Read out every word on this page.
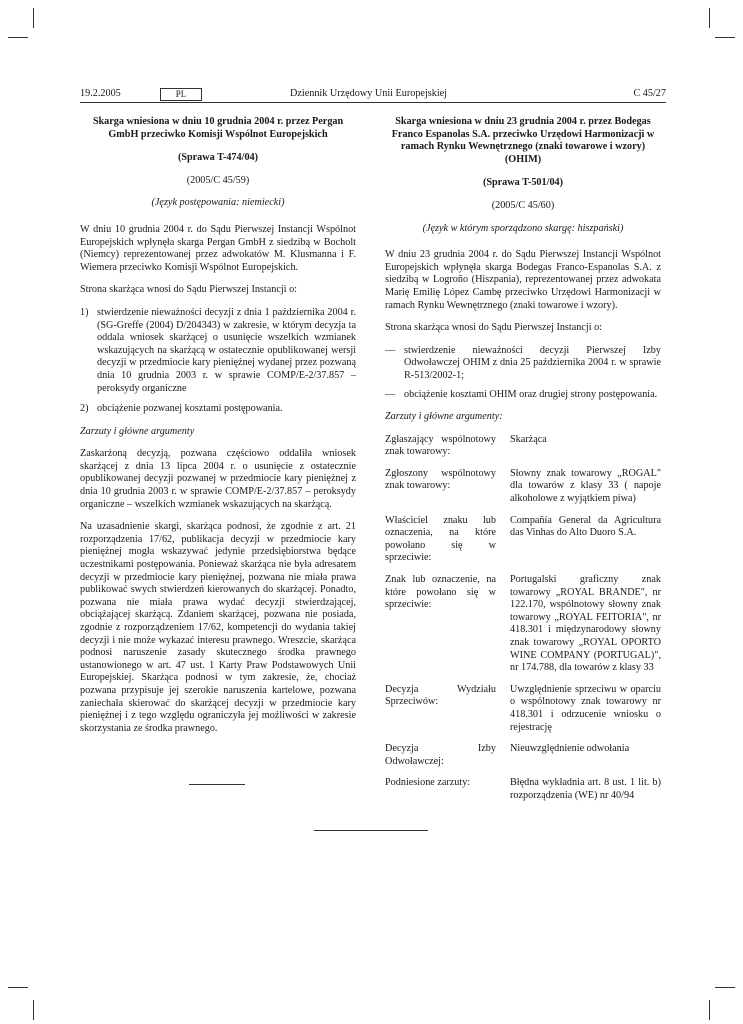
19.2.2005	PL	Dziennik Urzędowy Unii Europejskiej	C 45/27
Skarga wniesiona w dniu 10 grudnia 2004 r. przez Pergan GmbH przeciwko Komisji Wspólnot Europejskich
(Sprawa T-474/04)
(2005/C 45/59)
(Język postępowania: niemiecki)

W dniu 10 grudnia 2004 r. do Sądu Pierwszej Instancji Wspólnot Europejskich wpłynęła skarga Pergan GmbH z siedzibą w Bocholt (Niemcy) reprezentowanej przez adwokatów M. Klusmanna i F. Wiemera przeciwko Komisji Wspólnot Europejskich.

Strona skarżąca wnosi do Sądu Pierwszej Instancji o:

1) stwierdzenie nieważności decyzji z dnia 1 października 2004 r. (SG-Greffe (2004) D/204343) w zakresie, w którym decyzja ta oddala wniosek skarżącej o usunięcie wszelkich wzmianek wskazujących na skarżącą w ostatecznie opublikowanej wersji decyzji w przedmiocie kary pieniężnej wydanej przez pozwaną dnia 10 grudnia 2003 r. w sprawie COMP/E-2/37.857 – peroksydy organiczne
2) obciążenie pozwanej kosztami postępowania.
Zarzuty i główne argumenty

Zaskarżoną decyzją, pozwana częściowo oddaliła wniosek skarżącej z dnia 13 lipca 2004 r. o usunięcie z ostatecznie opublikowanej decyzji pozwanej w przedmiocie kary pieniężnej z dnia 10 grudnia 2003 r. w sprawie COMP/E-2/37.857 – peroksydy organiczne – wszelkich wzmianek wskazujących na skarżącą.

Na uzasadnienie skargi, skarżąca podnosi, że zgodnie z art. 21 rozporządzenia 17/62, publikacja decyzji w przedmiocie kary pieniężnej mogła wskazywać jedynie przedsiębiorstwa będące uczestnikami postępowania. Ponieważ skarżąca nie była adresatem decyzji w przedmiocie kary pieniężnej, pozwana nie miała prawa publikować swych stwierdzeń kierowanych do skarżącej. Ponadto, pozwana nie miała prawa wydać decyzji stwierdzającej, obciążającej skarżącą. Zdaniem skarżącej, pozwana nie posiada, zgodnie z rozporządzeniem 17/62, kompetencji do wydania takiej decyzji i nie może wykazać interesu prawnego. Wreszcie, skarżąca podnosi naruszenie zasady skutecznego środka prawnego ustanowionego w art. 47 ust. 1 Karty Praw Podstawowych Unii Europejskiej. Skarżąca podnosi w tym zakresie, że, chociaż pozwana przypisuje jej szerokie naruszenia kartelowe, pozwana zaniechała skierować do skarżącej decyzji w przedmiocie kary pieniężnej i z tego względu ograniczyła jej możliwości w zakresie skorzystania ze środka prawnego.

Skarga wniesiona w dniu 23 grudnia 2004 r. przez Bodegas Franco Espanolas S.A. przeciwko Urzędowi Harmonizacji w ramach Rynku Wewnętrznego (znaki towarowe i wzory) (OHIM)
(Sprawa T-501/04)
(2005/C 45/60)
(Język w którym sporządzono skargę: hiszpański)

W dniu 23 grudnia 2004 r. do Sądu Pierwszej Instancji Wspólnot Europejskich wpłynęła skarga Bodegas Franco-Espanolas S.A. z siedzibą w Logroño (Hiszpania), reprezentowanej przez adwokata Marię Emilię López Cambę przeciwko Urzędowi Harmonizacji w ramach Rynku Wewnętrznego (znaki towarowe i wzory).

Strona skarżąca wnosi do Sądu Pierwszej Instancji o:

— stwierdzenie nieważności decyzji Pierwszej Izby Odwoławczej OHIM z dnia 25 października 2004 r. w sprawie R-513/2002-1;
— obciążenie kosztami OHIM oraz drugiej strony postępowania.
Zarzuty i główne argumenty:
Zgłaszający wspólnotowy znak towarowy:	Skarżąca
Zgłoszony wspólnotowy znak towarowy:	Słowny znak towarowy „ROGAL" dla towarów z klasy 33 ( napoje alkoholowe z wyjątkiem piwa)
Właściciel znaku lub oznaczenia, na które powołano się w sprzeciwie:	Compañía General da Agricultura das Vinhas do Alto Duoro S.A.
Znak lub oznaczenie, na które powołano się w sprzeciwie:	Portugalski graficzny znak towarowy „ROYAL BRANDE", nr 122.170, wspólnotowy słowny znak towarowy „ROYAL FEITORIA", nr 418.301 i międzynarodowy słowny znak towarowy „ROYAL OPORTO WINE COMPANY (PORTUGAL)", nr 174.788, dla towarów z klasy 33
Decyzja Wydziału Sprzeciwów:	Uwzględnienie sprzeciwu w oparciu o wspólnotowy znak towarowy nr 418.301 i odrzucenie wniosku o rejestrację
Decyzja Izby Odwoławczej:	Nieuwzględnienie odwołania
Podniesione zarzuty:	Błędna wykładnia art. 8 ust. 1 lit. b) rozporządzenia (WE) nr 40/94
